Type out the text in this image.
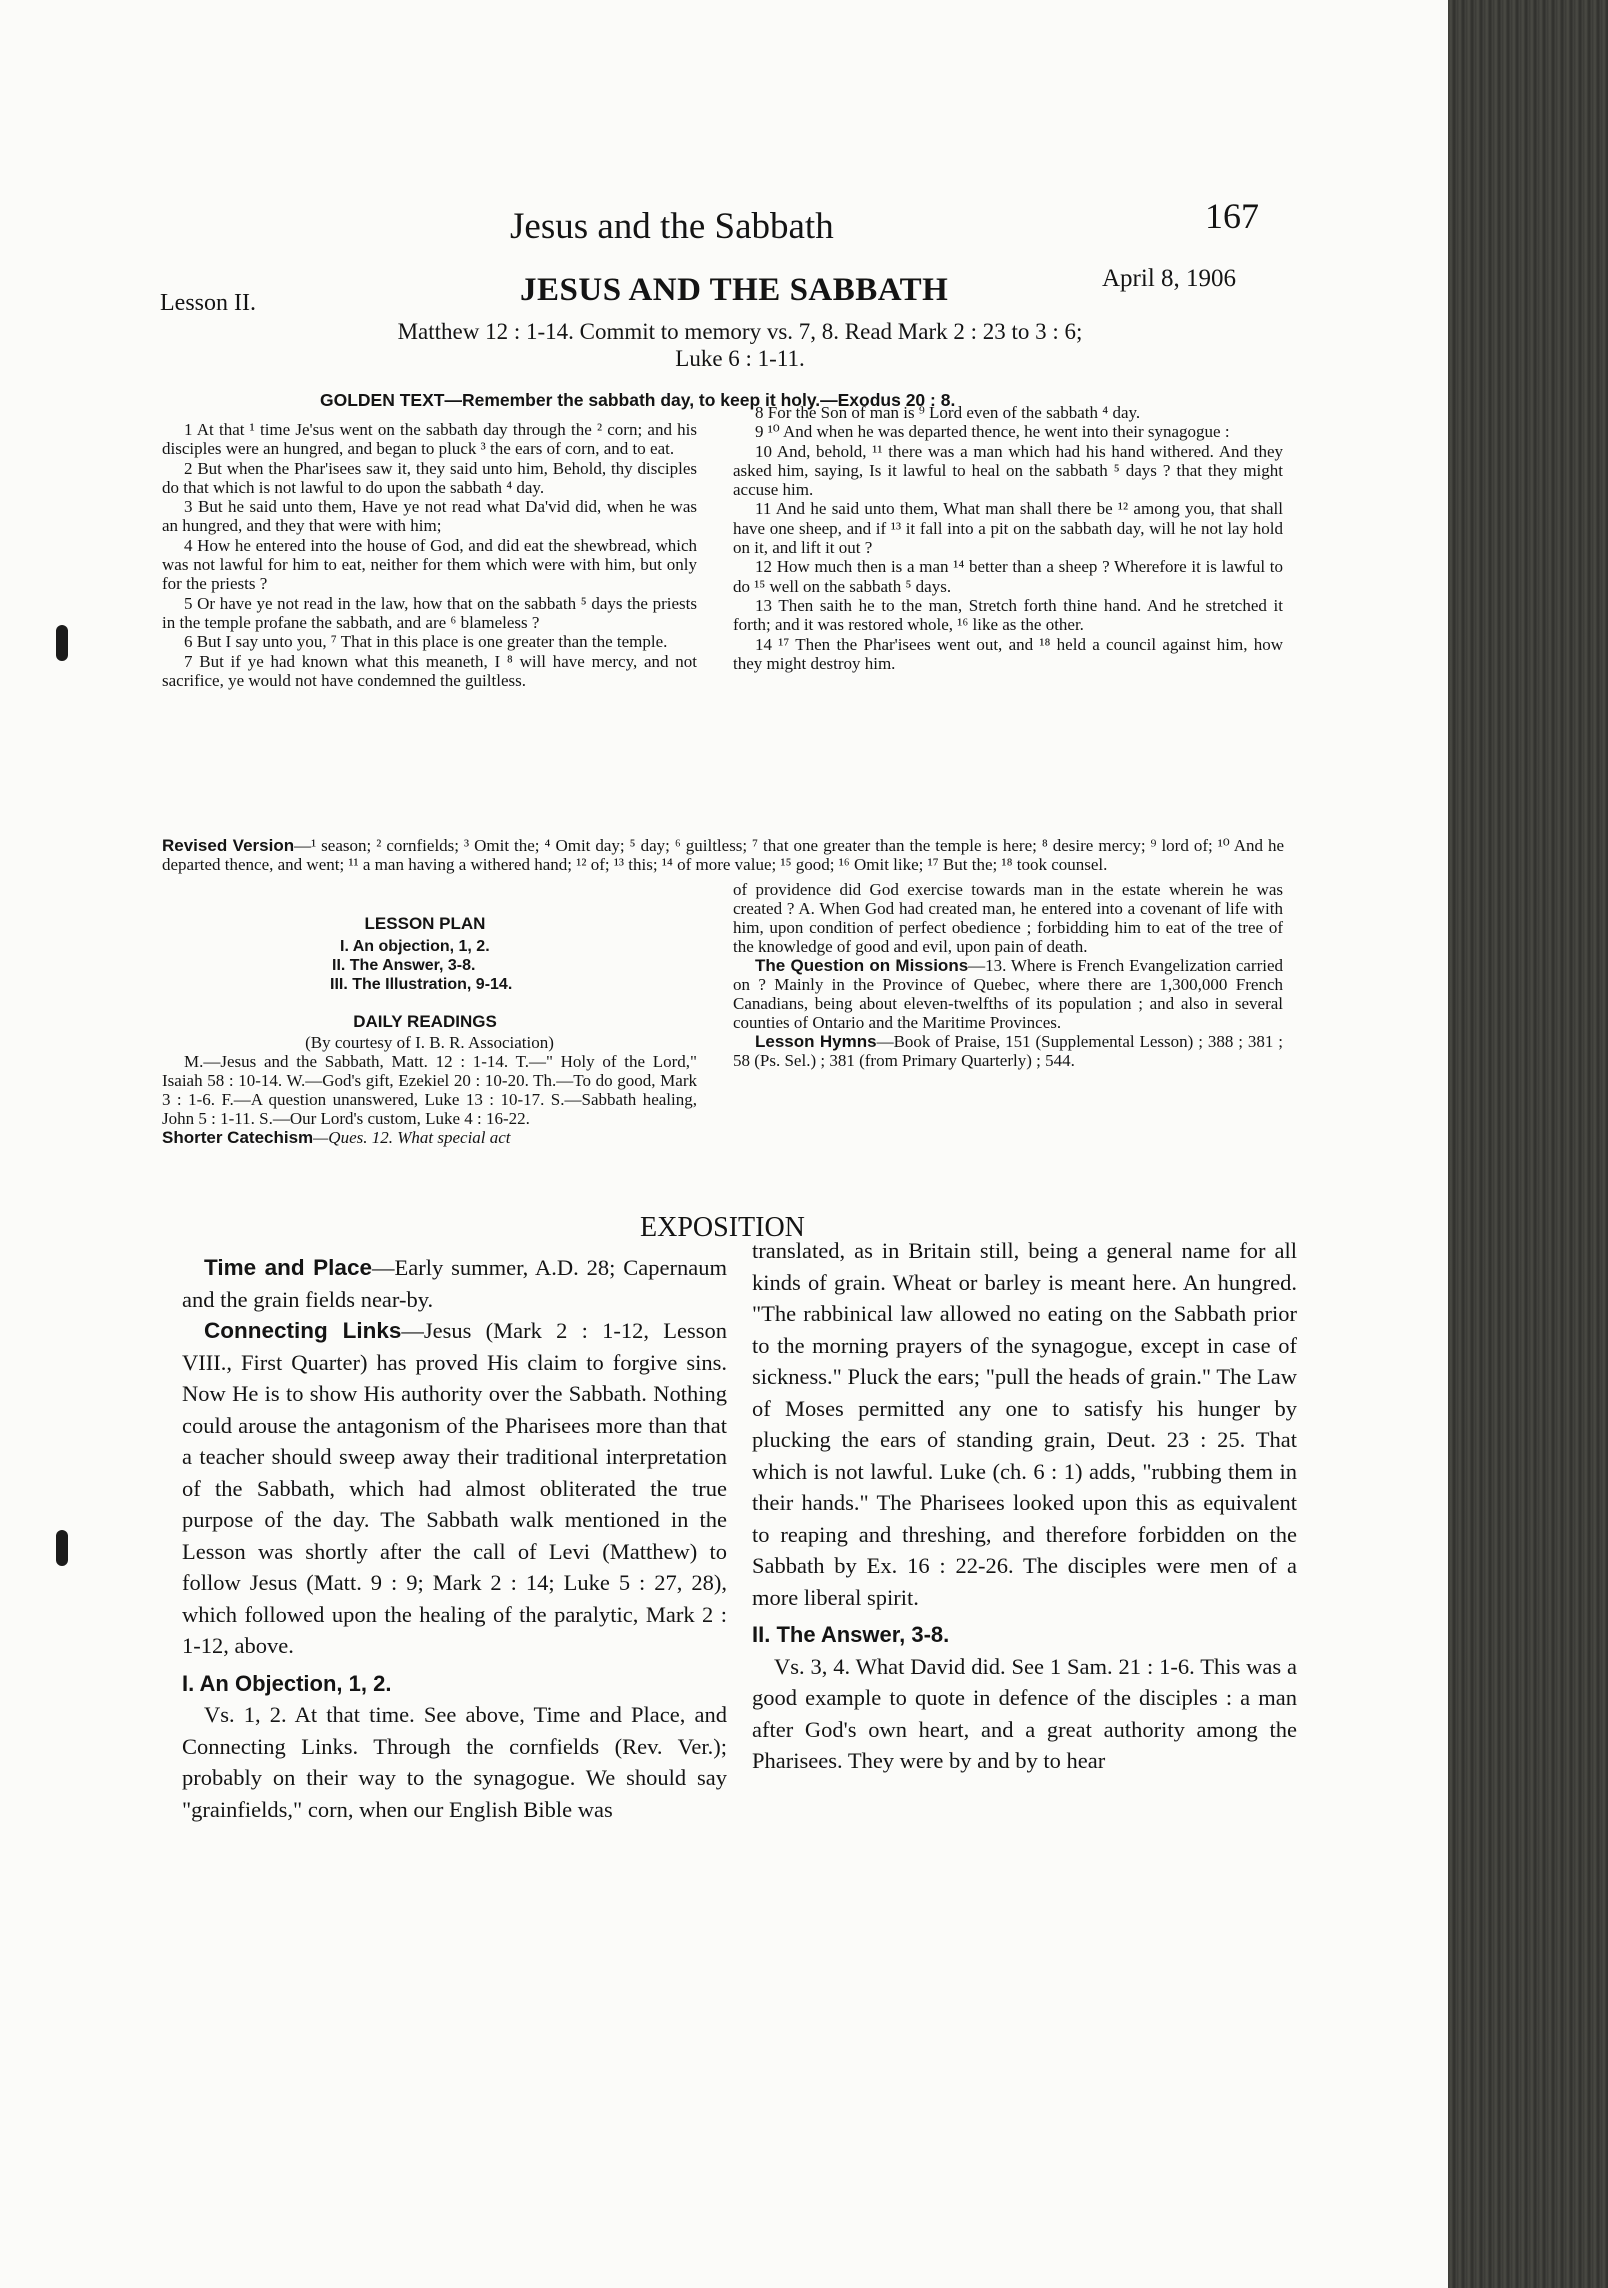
Jesus and the Sabbath	167
Lesson II.	JESUS AND THE SABBATH	April 8, 1906
Matthew 12 : 1-14. Commit to memory vs. 7, 8. Read Mark 2 : 23 to 3 : 6;
Luke 6 : 1-11.
GOLDEN TEXT—Remember the sabbath day, to keep it holy.—Exodus 20 : 8.

1 At that ¹ time Je'sus went on the sabbath day through the ² corn; and his disciples were an hungred, and began to pluck ³ the ears of corn, and to eat.

2 But when the Phar'isees saw it, they said unto him, Behold, thy disciples do that which is not lawful to do upon the sabbath ⁴ day.

3 But he said unto them, Have ye not read what Da'vid did, when he was an hungred, and they that were with him;

4 How he entered into the house of God, and did eat the shewbread, which was not lawful for him to eat, neither for them which were with him, but only for the priests ?

5 Or have ye not read in the law, how that on the sabbath ⁵ days the priests in the temple profane the sabbath, and are ⁶ blameless ?

6 But I say unto you, ⁷ That in this place is one greater than the temple.

7 But if ye had known what this meaneth, I ⁸ will have mercy, and not sacrifice, ye would not have condemned the guiltless.

8 For the Son of man is ⁹ Lord even of the sabbath ⁴ day.

9 ¹⁰ And when he was departed thence, he went into their synagogue :

10 And, behold, ¹¹ there was a man which had his hand withered. And they asked him, saying, Is it lawful to heal on the sabbath ⁵ days ? that they might accuse him.

11 And he said unto them, What man shall there be ¹² among you, that shall have one sheep, and if ¹³ it fall into a pit on the sabbath day, will he not lay hold on it, and lift it out ?

12 How much then is a man ¹⁴ better than a sheep ? Wherefore it is lawful to do ¹⁵ well on the sabbath ⁵ days.

13 Then saith he to the man, Stretch forth thine hand. And he stretched it forth; and it was restored whole, ¹⁶ like as the other.

14 ¹⁷ Then the Phar'isees went out, and ¹⁸ held a council against him, how they might destroy him.

Revised Version—¹ season; ² cornfields; ³ Omit the; ⁴ Omit day; ⁵ day; ⁶ guiltless; ⁷ that one greater than the temple is here; ⁸ desire mercy; ⁹ lord of; ¹⁰ And he departed thence, and went; ¹¹ a man having a withered hand; ¹² of; ¹³ this; ¹⁴ of more value; ¹⁵ good; ¹⁶ Omit like; ¹⁷ But the; ¹⁸ took counsel.
LESSON PLAN
I. An objection, 1, 2.
II. The Answer, 3-8.
III. The Illustration, 9-14.
DAILY READINGS

(By courtesy of I. B. R. Association)

M.—Jesus and the Sabbath, Matt. 12 : 1-14. T.—" Holy of the Lord," Isaiah 58 : 10-14. W.—God's gift, Ezekiel 20 : 10-20. Th.—To do good, Mark 3 : 1-6. F.—A question unanswered, Luke 13 : 10-17. S.—Sabbath healing, John 5 : 1-11. S.—Our Lord's custom, Luke 4 : 16-22.

Shorter Catechism—Ques. 12. What special act

of providence did God exercise towards man in the estate wherein he was created ? A. When God had created man, he entered into a covenant of life with him, upon condition of perfect obedience ; forbidding him to eat of the tree of the knowledge of good and evil, upon pain of death.

The Question on Missions—13. Where is French Evangelization carried on ? Mainly in the Province of Quebec, where there are 1,300,000 French Canadians, being about eleven-twelfths of its population ; and also in several counties of Ontario and the Maritime Provinces.

Lesson Hymns—Book of Praise, 151 (Supplemental Lesson) ; 388 ; 381 ; 58 (Ps. Sel.) ; 381 (from Primary Quarterly) ; 544.

EXPOSITION

Time and Place—Early summer, A.D. 28; Capernaum and the grain fields near-by.

Connecting Links—Jesus (Mark 2 : 1-12, Lesson VIII., First Quarter) has proved His claim to forgive sins. Now He is to show His authority over the Sabbath. Nothing could arouse the antagonism of the Pharisees more than that a teacher should sweep away their traditional interpretation of the Sabbath, which had almost obliterated the true purpose of the day. The Sabbath walk mentioned in the Lesson was shortly after the call of Levi (Matthew) to follow Jesus (Matt. 9 : 9; Mark 2 : 14; Luke 5 : 27, 28), which followed upon the healing of the paralytic, Mark 2 : 1-12, above.

I. An Objection, 1, 2.

Vs. 1, 2. At that time. See above, Time and Place, and Connecting Links. Through the cornfields (Rev. Ver.); probably on their way to the synagogue. We should say "grainfields," corn, when our English Bible was

translated, as in Britain still, being a general name for all kinds of grain. Wheat or barley is meant here. An hungred. "The rabbinical law allowed no eating on the Sabbath prior to the morning prayers of the synagogue, except in case of sickness." Pluck the ears; "pull the heads of grain." The Law of Moses permitted any one to satisfy his hunger by plucking the ears of standing grain, Deut. 23 : 25. That which is not lawful. Luke (ch. 6 : 1) adds, "rubbing them in their hands." The Pharisees looked upon this as equivalent to reaping and threshing, and therefore forbidden on the Sabbath by Ex. 16 : 22-26. The disciples were men of a more liberal spirit.

II. The Answer, 3-8.

Vs. 3, 4. What David did. See 1 Sam. 21 : 1-6. This was a good example to quote in defence of the disciples : a man after God's own heart, and a great authority among the Pharisees. They were by and by to hear
